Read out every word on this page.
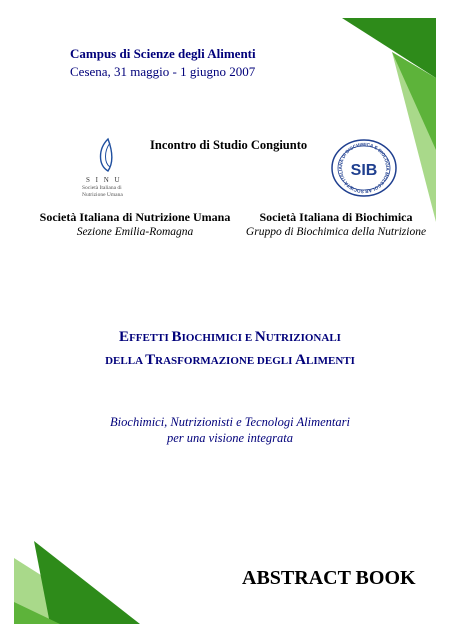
Campus di Scienze degli Alimenti
Cesena, 31 maggio - 1 giugno 2007
S I N U
Società Italiana di
Nutrizione Umana
Incontro di Studio Congiunto
SOCIETÀ ITALIANA DI BIOCHIMICA E BIOLOGIA MOLECOLAR
SIB
Società Italiana di Nutrizione Umana
Sezione Emilia-Romagna
Società Italiana di Biochimica
Gruppo di Biochimica della Nutrizione
EFFETTI BIOCHIMICI E NUTRIZIONALI
DELLA TRASFORMAZIONE DEGLI ALIMENTI
Biochimici, Nutrizionisti e Tecnologi Alimentari
per una visione integrata
ABSTRACT BOOK
